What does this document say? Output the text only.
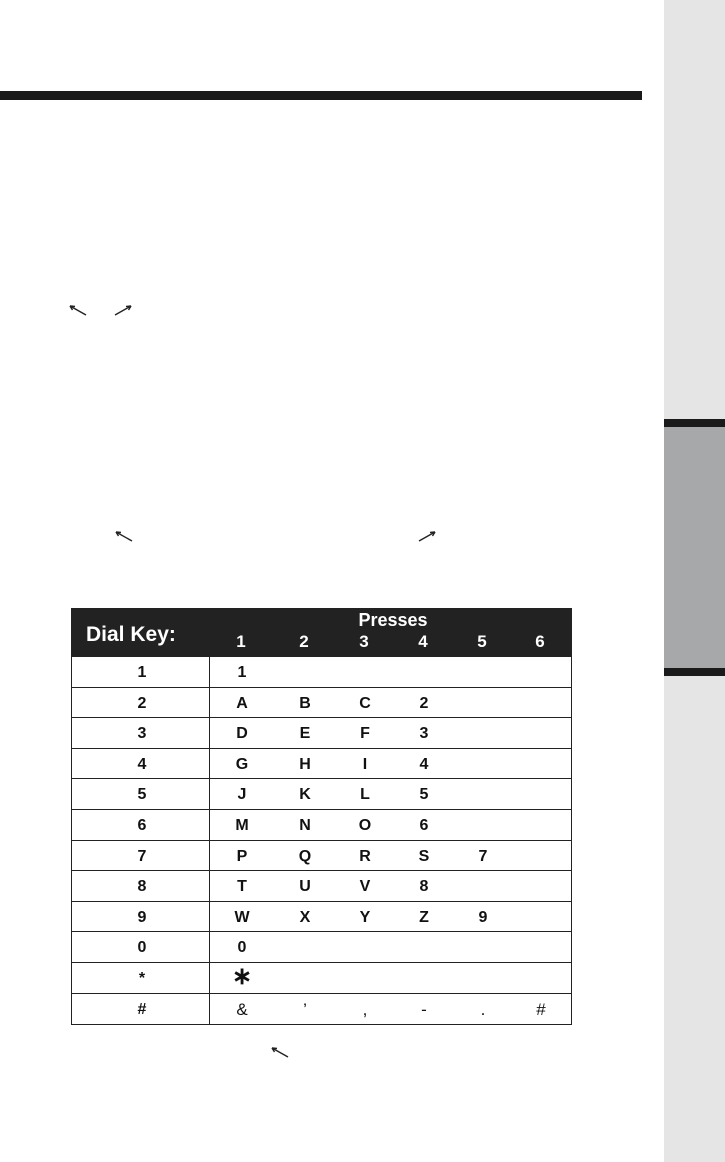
Dial Key:
Presses
1	2	3	4	5	6
1	1
2	A	B	C	2
3	D	E	F	3
4	G	H	I	4
5	J	K	L	5
6	M	N	O	6
7	P	Q	R	S	7
8	T	U	V	8
9	W	X	Y	Z	9
0	0
*	∗
#	&	’	,	-	.	#
